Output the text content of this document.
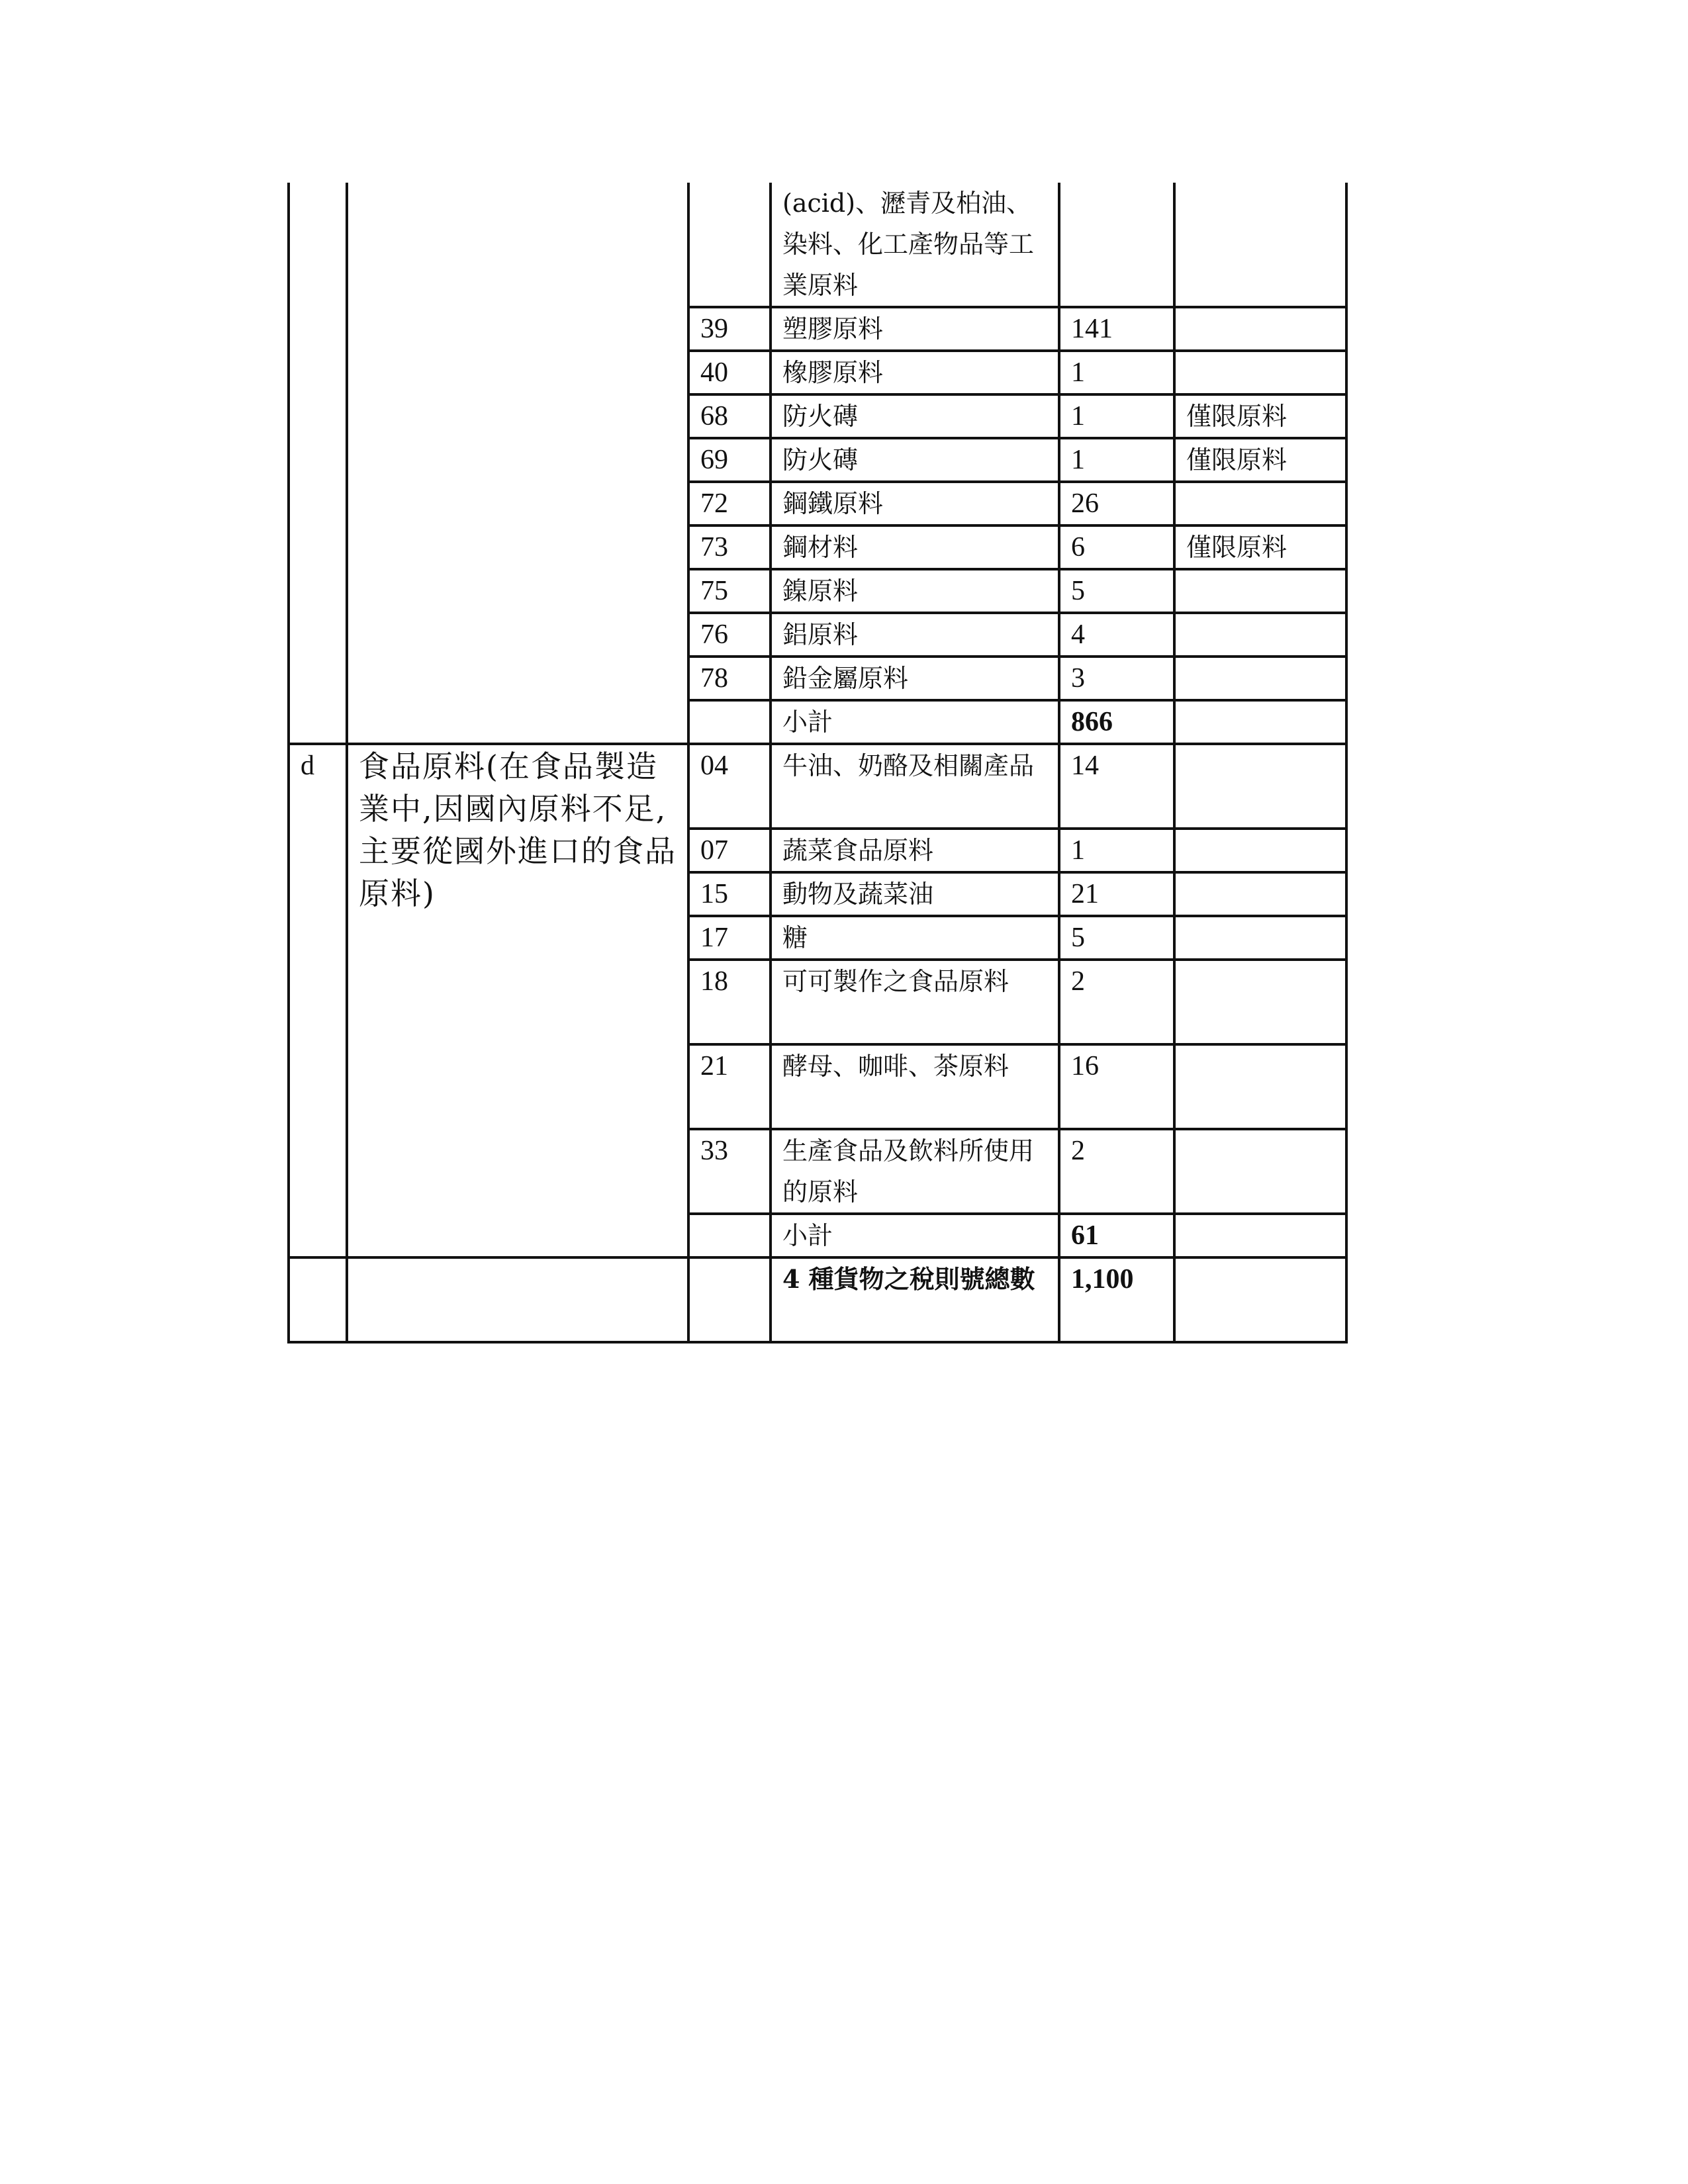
			(acid)、瀝青及柏油、染料、化工產物品等工業原料		
		39	塑膠原料	141	
		40	橡膠原料	1	
		68	防火磚	1	僅限原料
		69	防火磚	1	僅限原料
		72	鋼鐵原料	26	
		73	鋼材料	6	僅限原料
		75	鎳原料	5	
		76	鋁原料	4	
		78	鉛金屬原料	3	
			小計	866	
d	食品原料(在食品製造業中,因國內原料不足,主要從國外進口的食品原料)	04	牛油、奶酪及相關產品	14	
		07	蔬菜食品原料	1	
		15	動物及蔬菜油	21	
		17	糖	5	
		18	可可製作之食品原料	2	
		21	酵母、咖啡、茶原料	16	
		33	生產食品及飲料所使用的原料	2	
			小計	61	
			4 種貨物之稅則號總數	1,100	
